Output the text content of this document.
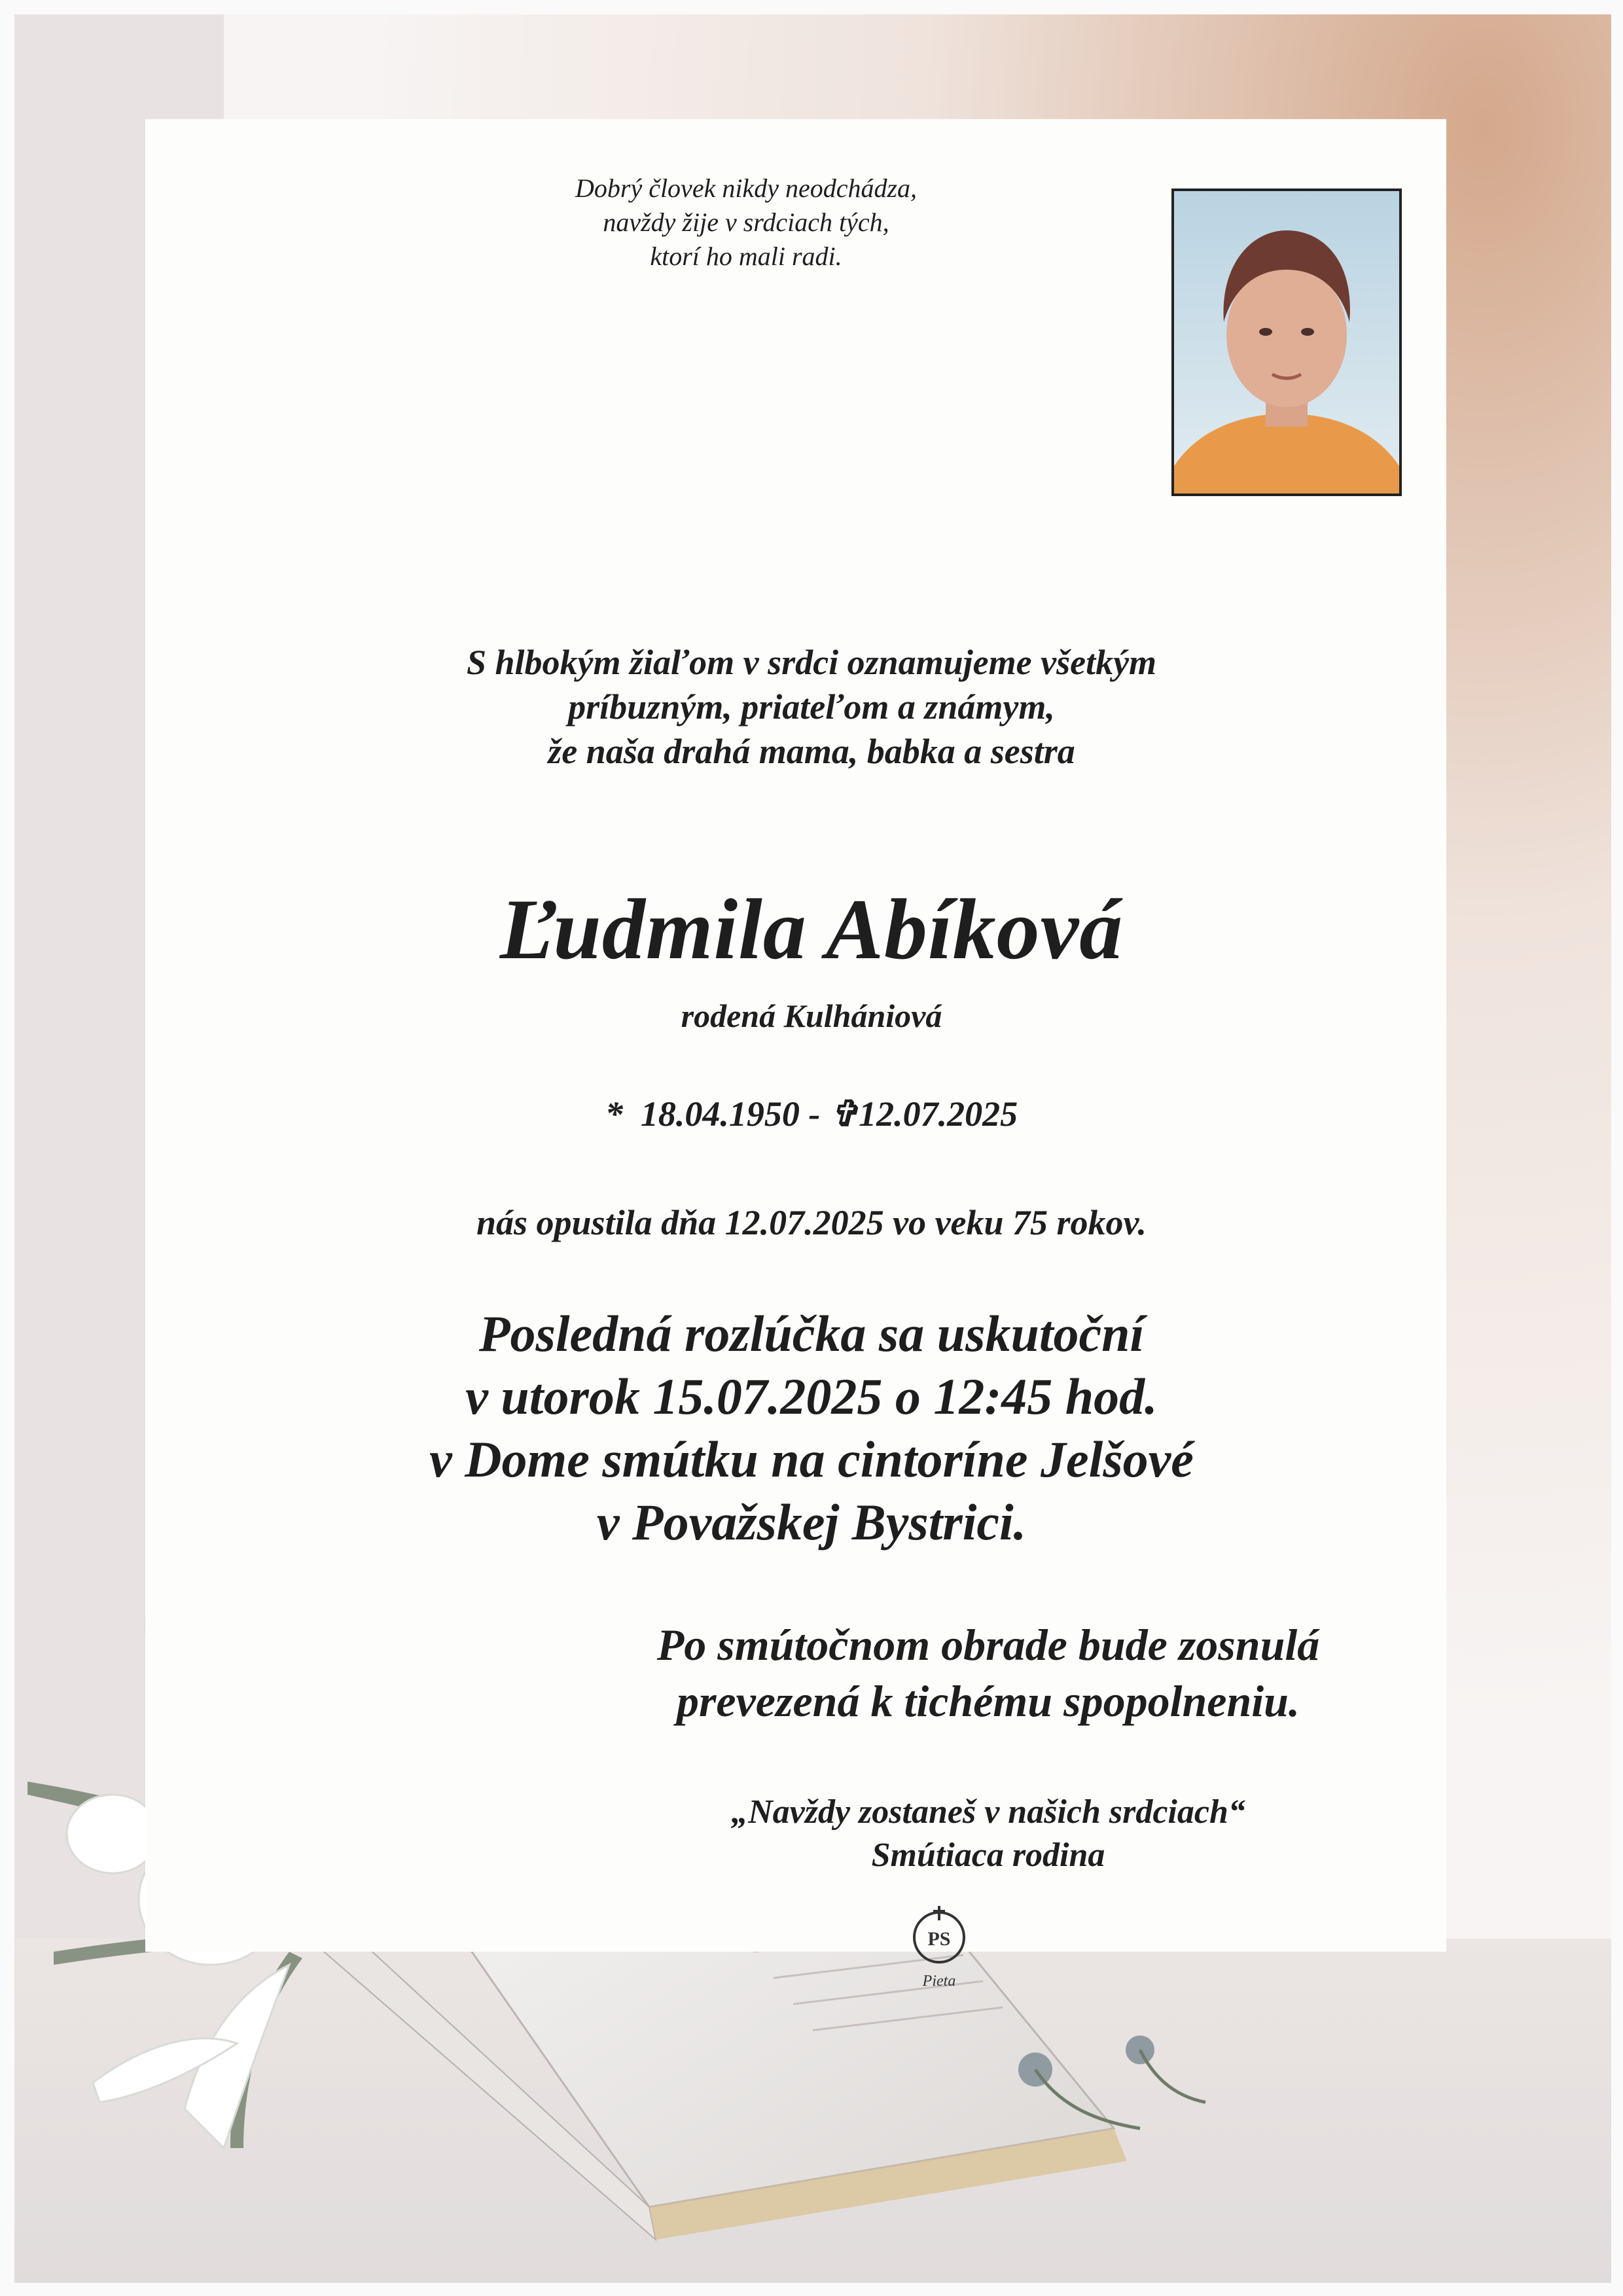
Dobrý človek nikdy neodchádza,
navždy žije v srdciach tých,
ktorí ho mali radi.
S hlbokým žiaľom v srdci oznamujeme všetkým
príbuzným, priateľom a známym,
že naša drahá mama, babka a sestra
Ľudmila Abíková
rodená Kulhániová
*  18.04.1950 - ✞12.07.2025
nás opustila dňa 12.07.2025 vo veku 75 rokov.
Posledná rozlúčka sa uskutoční
v utorok 15.07.2025 o 12:45 hod.
v Dome smútku na cintoríne Jelšové
v Považskej Bystrici.
Po smútočnom obrade bude zosnulá
prevezená k tichému spopolneniu.
„Navždy zostaneš v našich srdciach“
Smútiaca rodina
PS
Pieta
